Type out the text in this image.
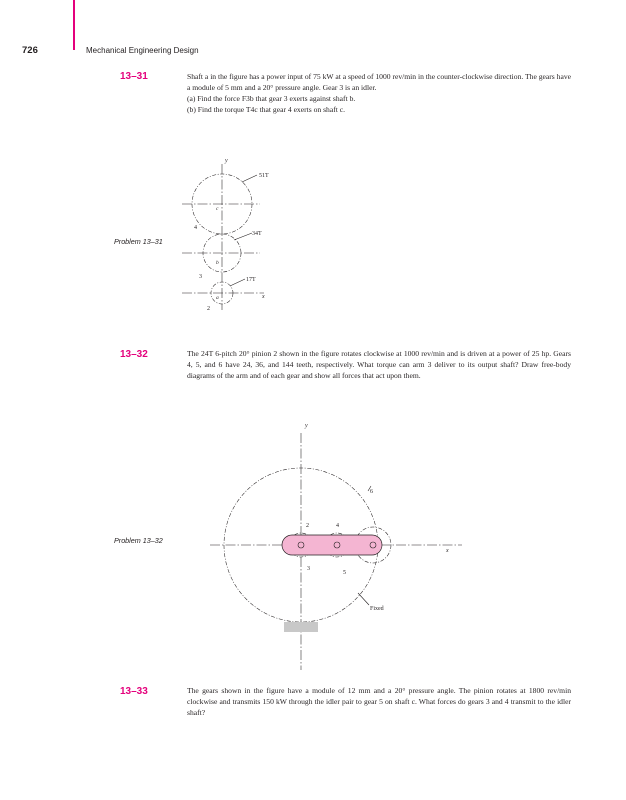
726	Mechanical Engineering Design
13–31	Shaft a in the figure has a power input of 75 kW at a speed of 1000 rev/min in the counter-clockwise direction. The gears have a module of 5 mm and a 20° pressure angle. Gear 3 is an idler.

(a) Find the force F3b that gear 3 exerts against shaft b.

(b) Find the torque T4c that gear 4 exerts on shaft c.

Problem 13–31
y
51T
34T
17T
c
b
a
4
3
2
x
13–32	The 24T 6-pitch 20° pinion 2 shown in the figure rotates clockwise at 1000 rev/min and is driven at a power of 25 hp. Gears 4, 5, and 6 have 24, 36, and 144 teeth, respectively. What torque can arm 3 deliver to its output shaft? Draw free-body diagrams of the arm and of each gear and show all forces that act upon them.

Problem 13–32
y
6
2	4
3
5
x
Fixed
13–33	The gears shown in the figure have a module of 12 mm and a 20° pressure angle. The pinion rotates at 1800 rev/min clockwise and transmits 150 kW through the idler pair to gear 5 on shaft c. What forces do gears 3 and 4 transmit to the idler shaft?
